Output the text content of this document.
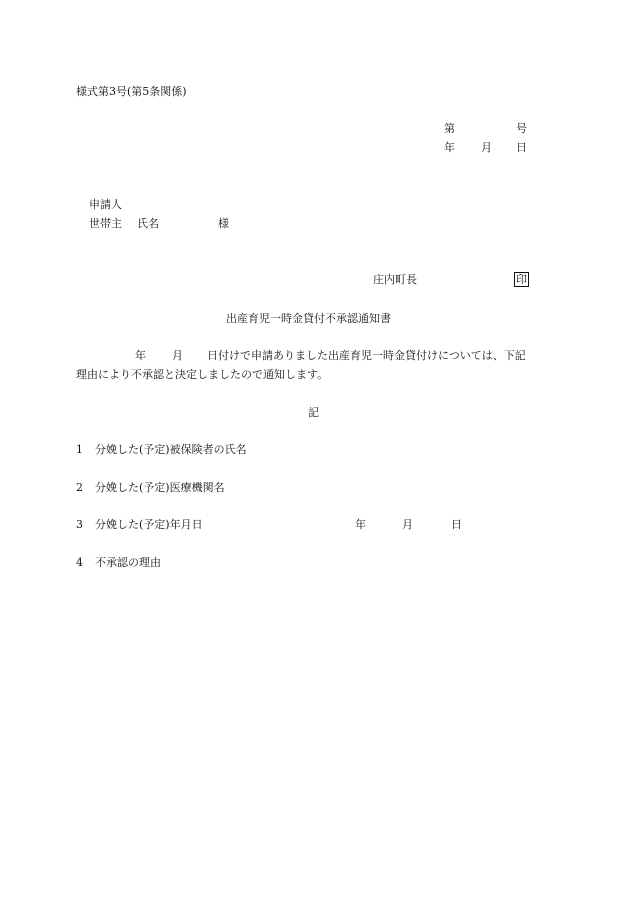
様式第3号(第5条関係)
第	号
年 月 日
申請人
世帯主 氏名	様
庄内町長	印
出産育児一時金貸付不承認通知書
年 月 日付けで申請ありました出産育児一時金貸付けについては、下記
理由により不承認と決定しましたので通知します。
記
1 分娩した(予定)被保険者の氏名
2 分娩した(予定)医療機関名
3 分娩した(予定)年月日	年	月	日
4 不承認の理由
